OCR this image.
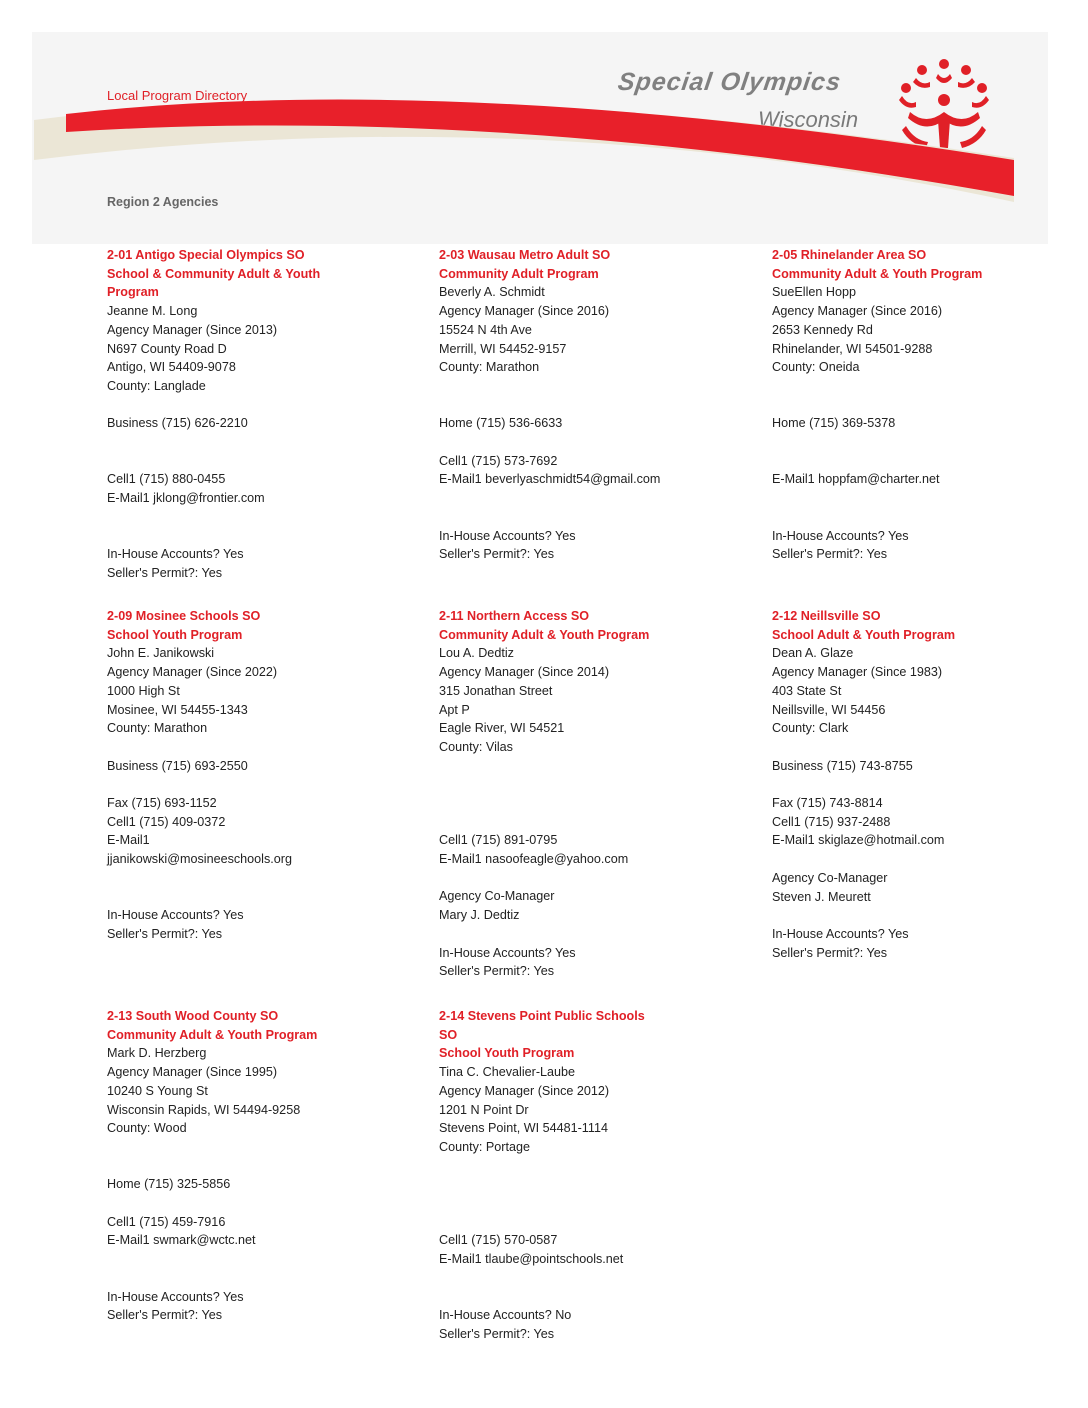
Local Program Directory	Special Olympics
Wisconsin
Region 2 Agencies
2-01 Antigo Special Olympics SO
School & Community Adult & Youth Program
Jeanne M. Long
Agency Manager (Since 2013)
N697 County Road D
Antigo, WI 54409-9078
County: Langlade
Business (715) 626-2210
Cell1 (715) 880-0455
E-Mail1 jklong@frontier.com
In-House Accounts? Yes
Seller's Permit?: Yes
2-03 Wausau Metro Adult SO
Community Adult Program
Beverly A. Schmidt
Agency Manager (Since 2016)
15524 N 4th Ave
Merrill, WI 54452-9157
County: Marathon
Home (715) 536-6633
Cell1 (715) 573-7692
E-Mail1 beverlyaschmidt54@gmail.com
In-House Accounts? Yes
Seller's Permit?: Yes
2-05 Rhinelander Area SO
Community Adult & Youth Program
SueEllen Hopp
Agency Manager (Since 2016)
2653 Kennedy Rd
Rhinelander, WI 54501-9288
County: Oneida
Home (715) 369-5378
E-Mail1 hoppfam@charter.net
In-House Accounts? Yes
Seller's Permit?: Yes
2-09 Mosinee Schools SO
School Youth Program
John E. Janikowski
Agency Manager (Since 2022)
1000 High St
Mosinee, WI 54455-1343
County: Marathon
Business (715) 693-2550
Fax (715) 693-1152
Cell1 (715) 409-0372
E-Mail1
jjanikowski@mosineeschools.org
In-House Accounts? Yes
Seller's Permit?: Yes
2-11 Northern Access SO
Community Adult & Youth Program
Lou A. Dedtiz
Agency Manager (Since 2014)
315 Jonathan Street
Apt P
Eagle River, WI 54521
County: Vilas
Cell1 (715) 891-0795
E-Mail1 nasoofeagle@yahoo.com
Agency Co-Manager
Mary J. Dedtiz
In-House Accounts? Yes
Seller's Permit?: Yes
2-12 Neillsville SO
School Adult & Youth Program
Dean A. Glaze
Agency Manager (Since 1983)
403 State St
Neillsville, WI 54456
County: Clark
Business (715) 743-8755
Fax (715) 743-8814
Cell1 (715) 937-2488
E-Mail1 skiglaze@hotmail.com
Agency Co-Manager
Steven J. Meurett
In-House Accounts? Yes
Seller's Permit?: Yes
2-13 South Wood County SO
Community Adult & Youth Program
Mark D. Herzberg
Agency Manager (Since 1995)
10240 S Young St
Wisconsin Rapids, WI 54494-9258
County: Wood
Home (715) 325-5856
Cell1 (715) 459-7916
E-Mail1 swmark@wctc.net
In-House Accounts? Yes
Seller's Permit?: Yes
2-14 Stevens Point Public Schools SO
School Youth Program
Tina C. Chevalier-Laube
Agency Manager (Since 2012)
1201 N Point Dr
Stevens Point, WI 54481-1114
County: Portage
Cell1 (715) 570-0587
E-Mail1 tlaube@pointschools.net
In-House Accounts? No
Seller's Permit?: Yes
